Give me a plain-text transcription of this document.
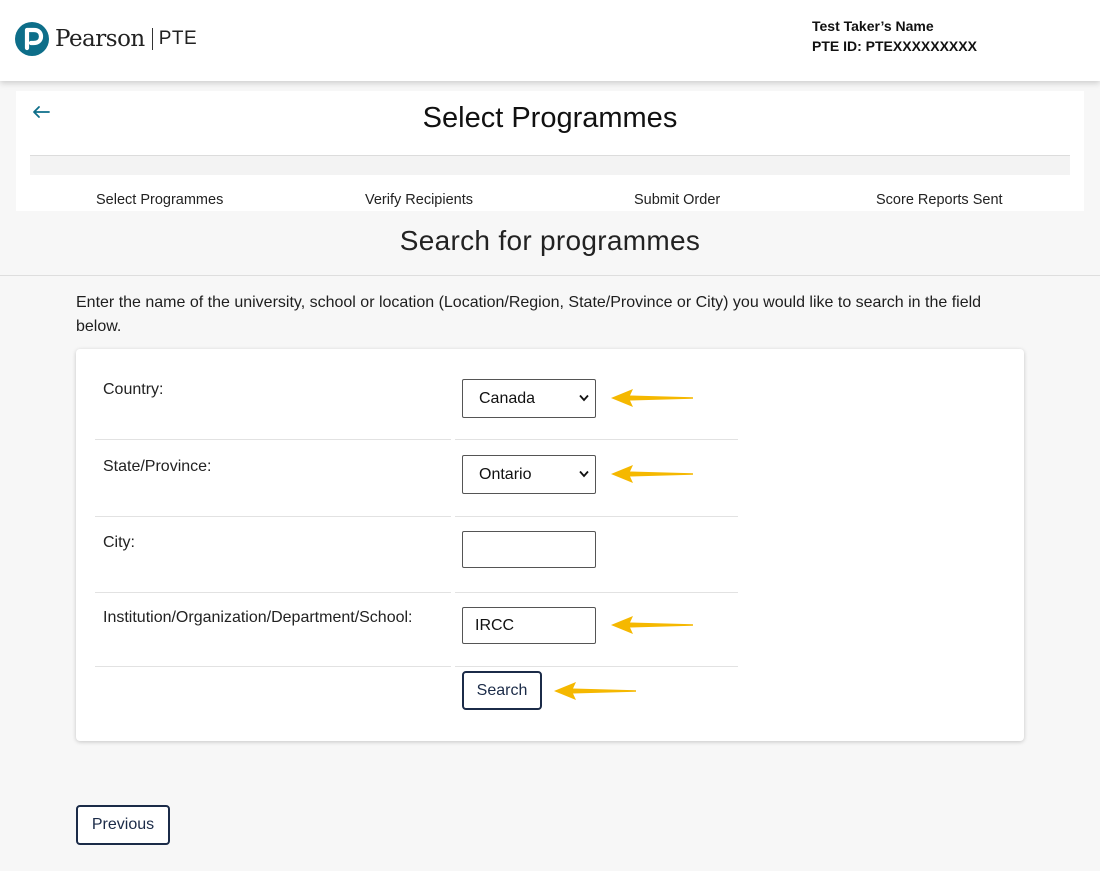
Pearson PTE
Test Taker’s Name
PTE ID: PTEXXXXXXXXX
Select Programmes
Select Programmes	Verify Recipients	Submit Order	Score Reports Sent
Search for programmes

Enter the name of the university, school or location (Location/Region, State/Province or City) you would like to search in the field below.

Country:
Canada
State/Province:	Ontario
City:
Institution/Organization/Department/School:	IRCC
Search
Previous
